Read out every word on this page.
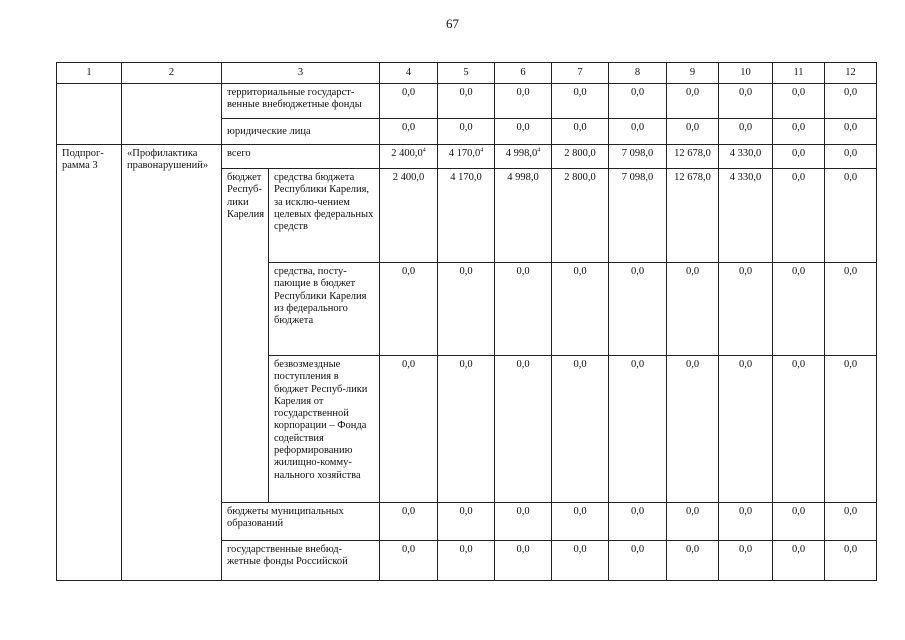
67
1	2	3		4	5	6	7	8	9	10	11	12
		территориальные государст-венные внебюджетные фонды		0,0	0,0	0,0	0,0	0,0	0,0	0,0	0,0	0,0
		юридические лица		0,0	0,0	0,0	0,0	0,0	0,0	0,0	0,0	0,0
Подпрог-рамма 3	«Профилактика правонарушений»	всего		2 400,0$^4$	4 170,0$^4$	4 998,0$^4$	2 800,0	7 098,0	12 678,0	4 330,0	0,0	0,0
		бюджет Респуб-лики Карелия	средства бюджета Республики Карелия, за исклю-чением целевых федеральных средств	2 400,0	4 170,0	4 998,0	2 800,0	7 098,0	12 678,0	4 330,0	0,0	0,0
			средства, посту-пающие в бюджет Республики Карелия из федерального бюджета	0,0	0,0	0,0	0,0	0,0	0,0	0,0	0,0	0,0
			безвозмездные поступления в бюджет Респуб-лики Карелия от государственной корпорации – Фонда содействия реформированию жилищно-комму-нального хозяйства	0,0	0,0	0,0	0,0	0,0	0,0	0,0	0,0	0,0
		бюджеты муниципальных образований		0,0	0,0	0,0	0,0	0,0	0,0	0,0	0,0	0,0
		государственные внебюд-жетные фонды Российской		0,0	0,0	0,0	0,0	0,0	0,0	0,0	0,0	0,0
